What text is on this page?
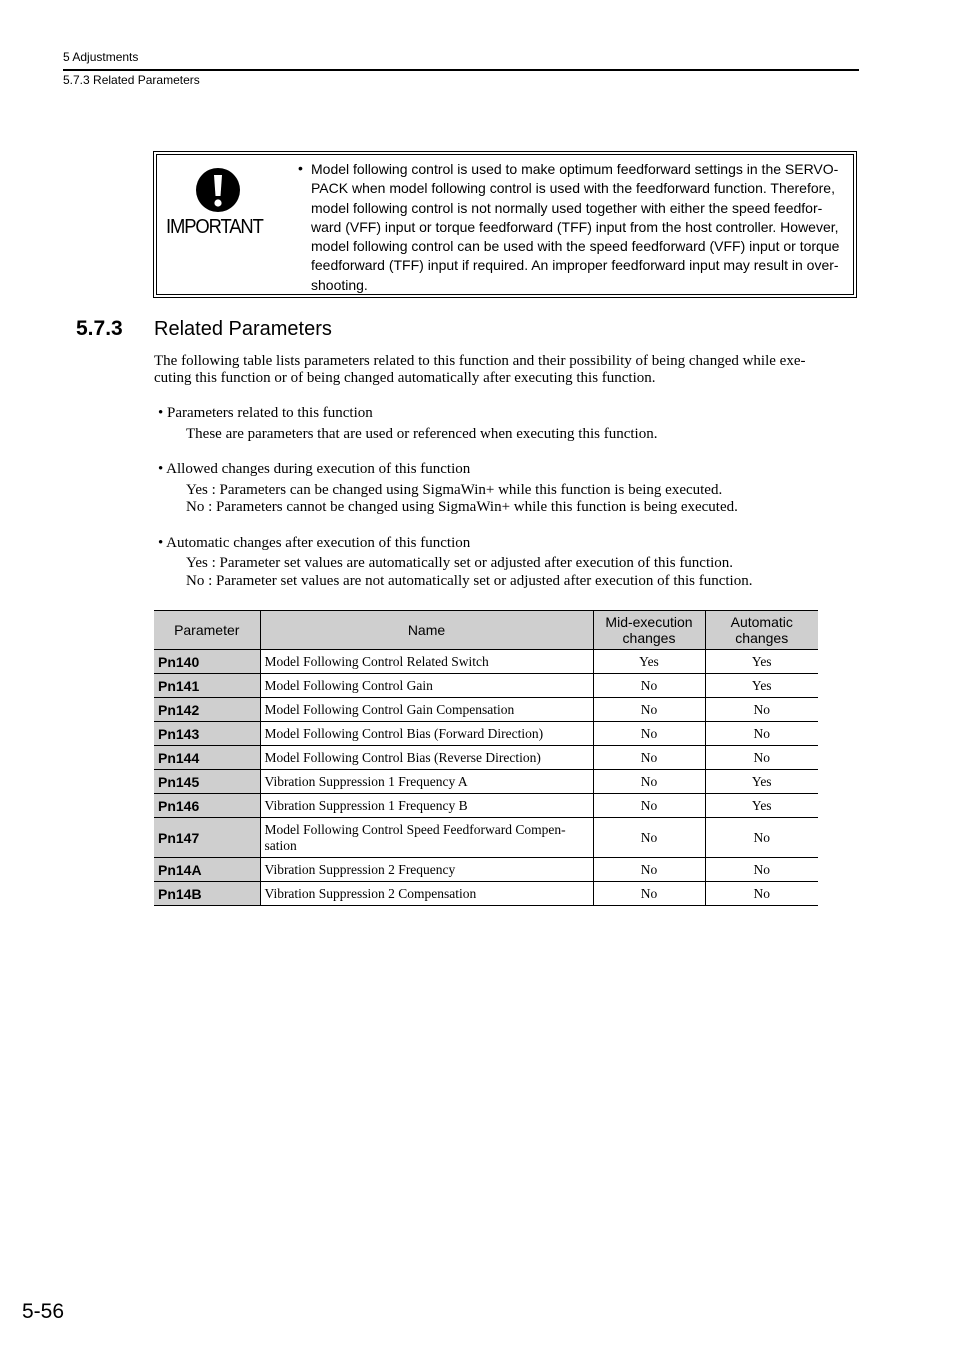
5 Adjustments
5.7.3 Related Parameters
IMPORTANT
• Model following control is used to make optimum feedforward settings in the SERVO-
PACK when model following control is used with the feedforward function. Therefore,
model following control is not normally used together with either the speed feedfor-
ward (VFF) input or torque feedforward (TFF) input from the host controller. However,
model following control can be used with the speed feedforward (VFF) input or torque
feedforward (TFF) input if required. An improper feedforward input may result in over-
shooting.
5.7.3 Related Parameters
The following table lists parameters related to this function and their possibility of being changed while exe-
cuting this function or of being changed automatically after executing this function.
• Parameters related to this function
These are parameters that are used or referenced when executing this function.
• Allowed changes during execution of this function
Yes : Parameters can be changed using SigmaWin+ while this function is being executed.
No : Parameters cannot be changed using SigmaWin+ while this function is being executed.
• Automatic changes after execution of this function
Yes : Parameter set values are automatically set or adjusted after execution of this function.
No : Parameter set values are not automatically set or adjusted after execution of this function.
Parameter	Name	Mid-execution changes	Automatic changes
Pn140	Model Following Control Related Switch	Yes	Yes
Pn141	Model Following Control Gain	No	Yes
Pn142	Model Following Control Gain Compensation	No	No
Pn143	Model Following Control Bias (Forward Direction)	No	No
Pn144	Model Following Control Bias (Reverse Direction)	No	No
Pn145	Vibration Suppression 1 Frequency A	No	Yes
Pn146	Vibration Suppression 1 Frequency B	No	Yes
Pn147	Model Following Control Speed Feedforward Compen-sation	No	No
Pn14A	Vibration Suppression 2 Frequency	No	No
Pn14B	Vibration Suppression 2 Compensation	No	No
5-56
